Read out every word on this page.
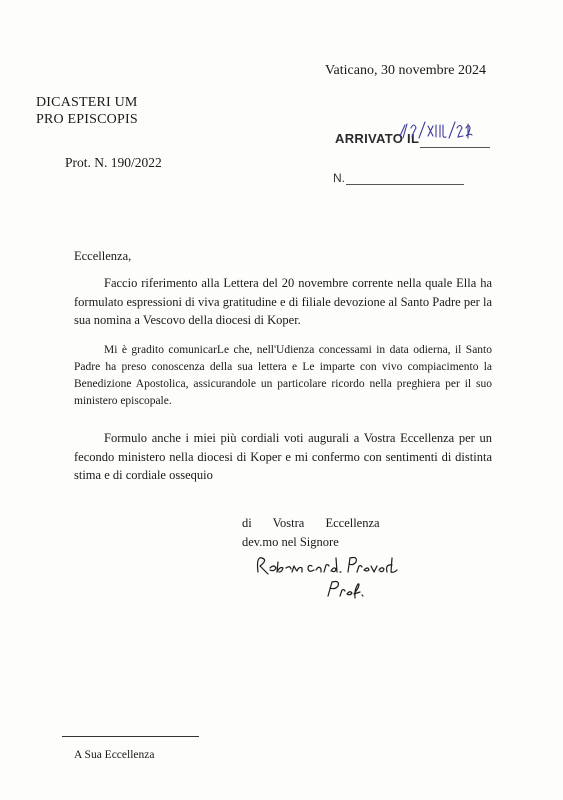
Vaticano, 30 novembre 2024
DICASTERI UM
PRO EPISCOPIS
ARRIVATO IL
Prot. N. 190/2022
N.
Eccellenza,
Faccio riferimento alla Lettera del 20 novembre corrente nella quale Ella ha formulato espressioni di viva gratitudine e di filiale devozione al Santo Padre per la sua nomina a Vescovo della diocesi di Koper.
Mi è gradito comunicarLe che, nell'Udienza concessami in data odierna, il Santo Padre ha preso conoscenza della sua lettera e Le imparte con vivo compiacimento la Benedizione Apostolica, assicurandole un particolare ricordo nella preghiera per il suo ministero episcopale.
Formulo anche i miei più cordiali voti augurali a Vostra Eccellenza per un fecondo ministero nella diocesi di Koper e mi confermo con sentimenti di distinta stima e di cordiale ossequio
di Vostra Eccellenza
dev.mo nel Signore
A Sua Eccellenza
